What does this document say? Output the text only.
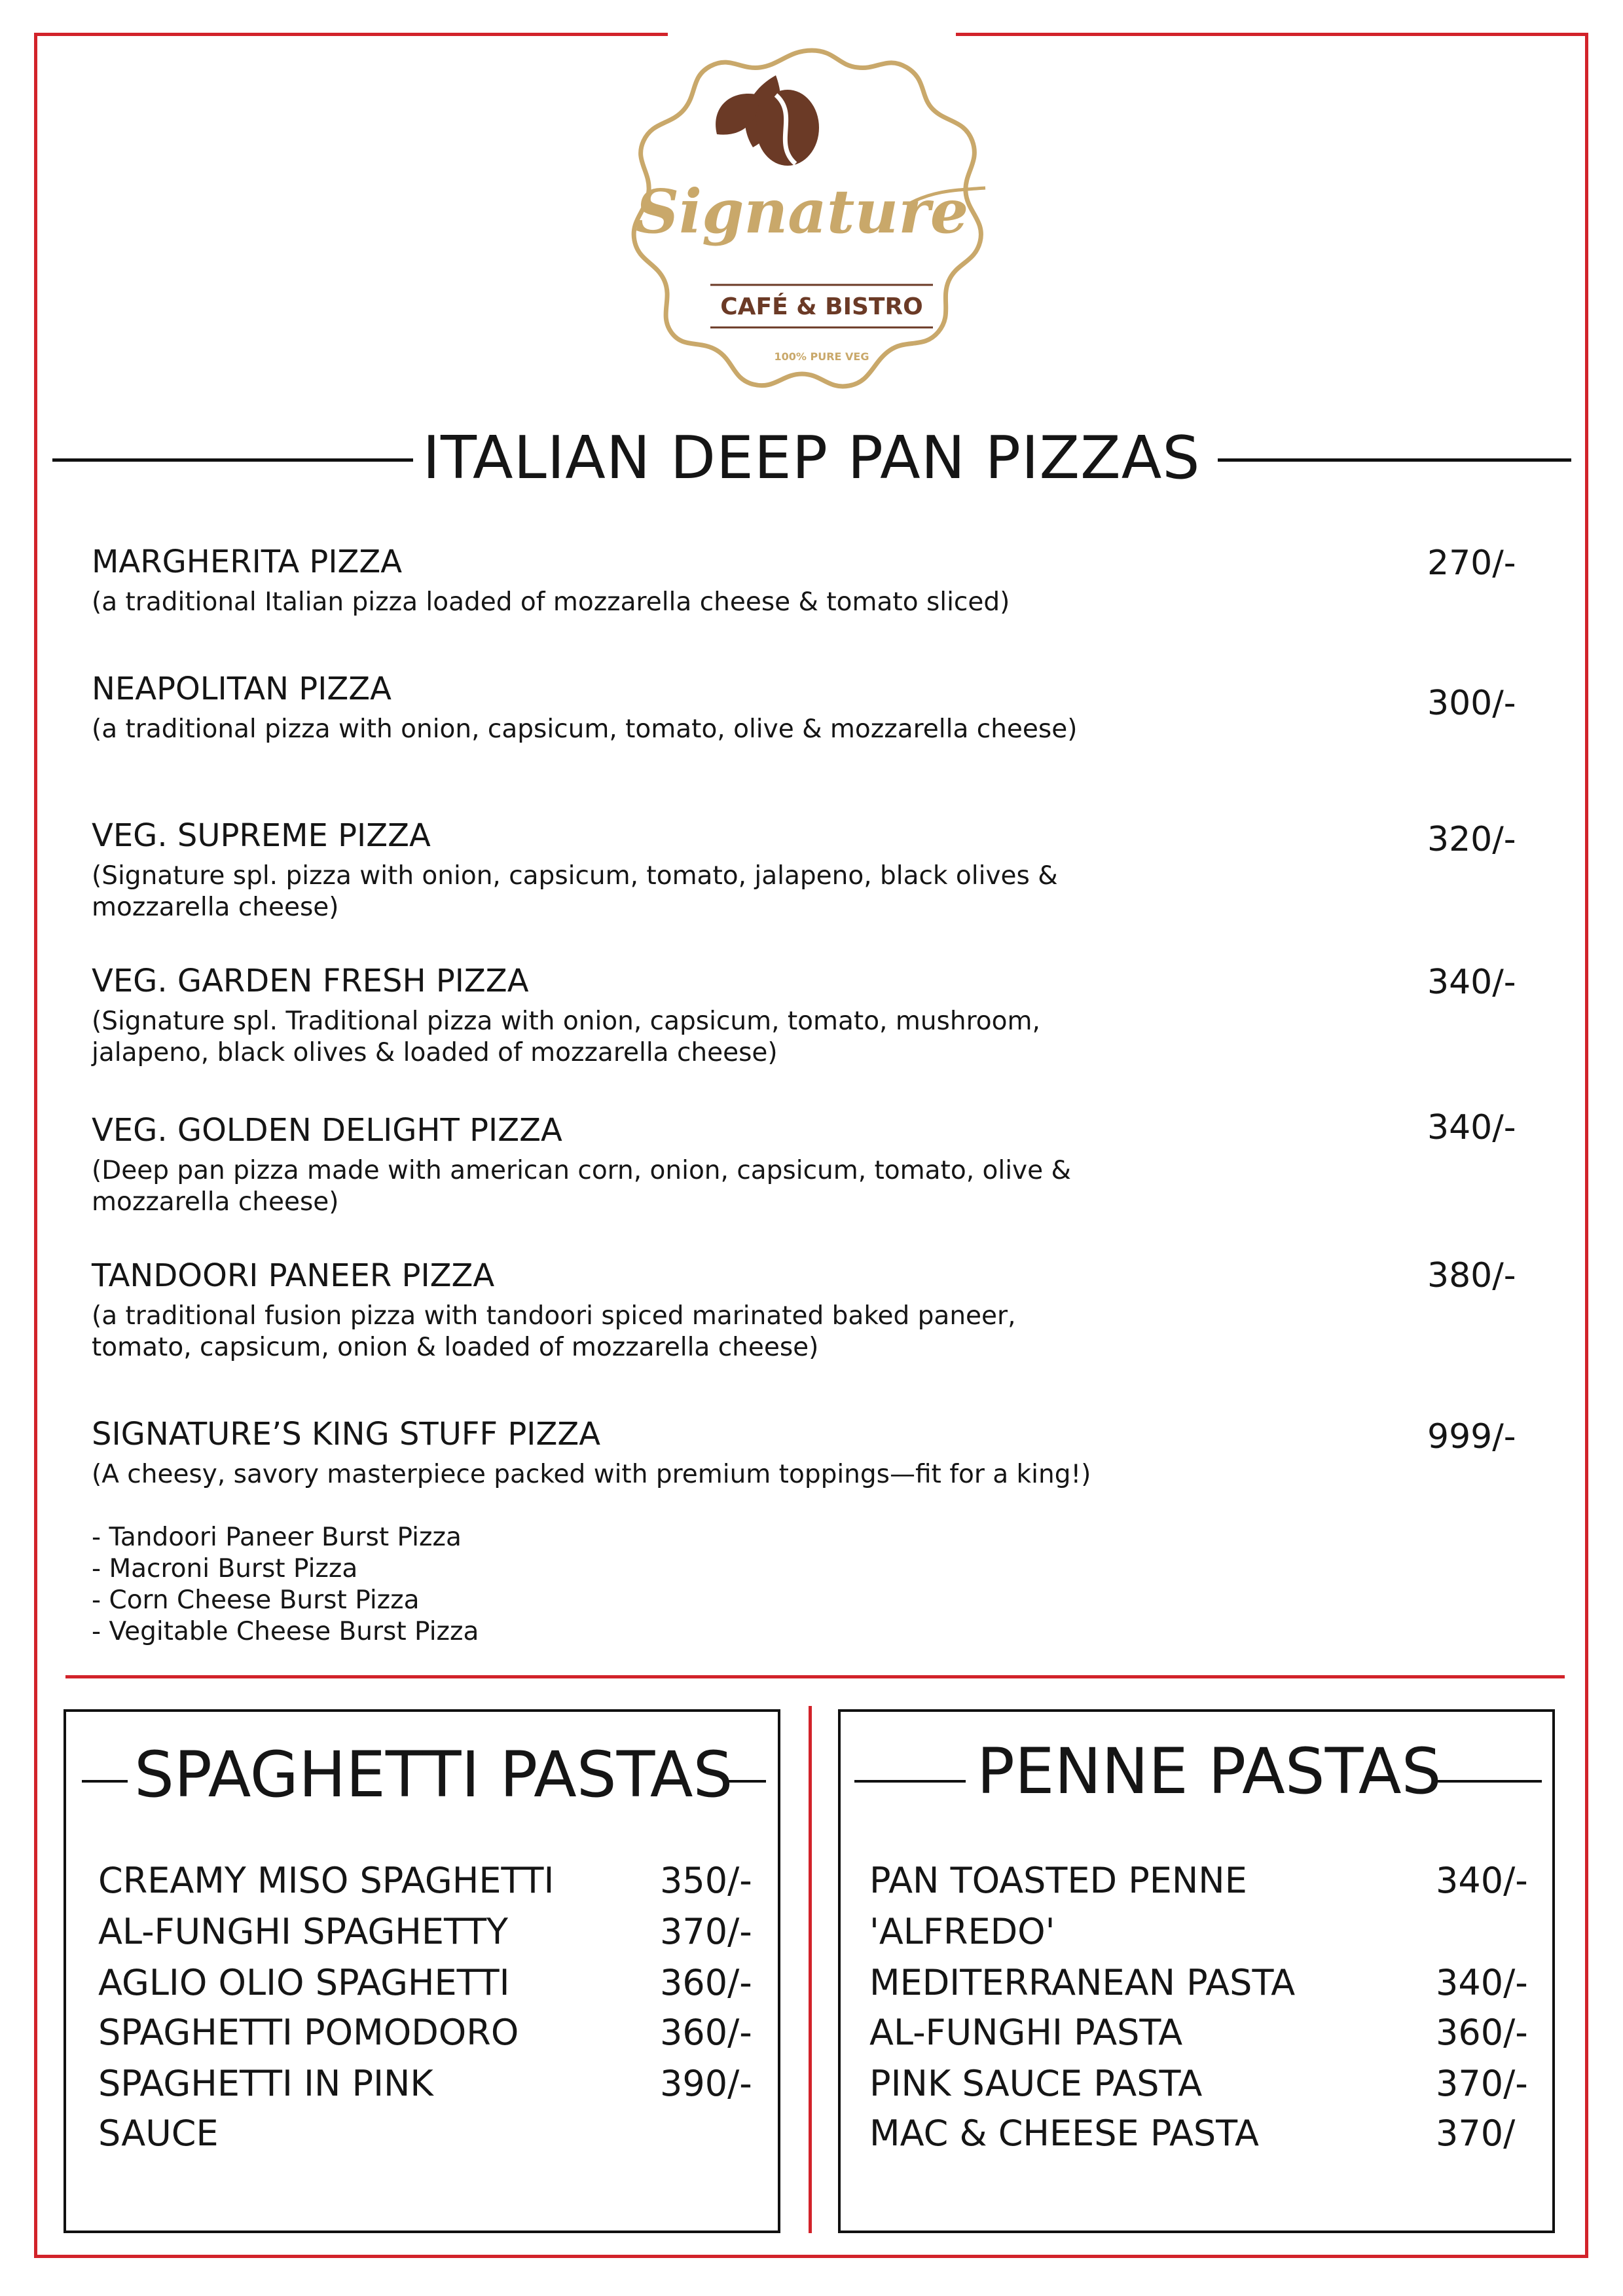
Signature
CAFÉ & BISTRO
100% PURE VEG
ITALIAN DEEP PAN PIZZAS
MARGHERITA PIZZA
(a traditional Italian pizza loaded of mozzarella cheese & tomato sliced)
270/-
NEAPOLITAN PIZZA
(a traditional pizza with onion, capsicum, tomato, olive & mozzarella cheese)
300/-
VEG. SUPREME PIZZA
(Signature spl. pizza with onion, capsicum, tomato, jalapeno, black olives & mozzarella cheese)
320/-
VEG. GARDEN FRESH PIZZA
(Signature spl. Traditional pizza with onion, capsicum, tomato, mushroom, jalapeno, black olives & loaded of mozzarella cheese)
340/-
VEG. GOLDEN DELIGHT PIZZA
(Deep pan pizza made with american corn, onion, capsicum, tomato, olive & mozzarella cheese)
340/-
TANDOORI PANEER PIZZA
(a traditional fusion pizza with tandoori spiced marinated baked paneer, tomato, capsicum, onion & loaded of mozzarella cheese)
380/-
SIGNATURE’S KING STUFF PIZZA
(A cheesy, savory masterpiece packed with premium toppings—fit for a king!)
999/-
- Tandoori Paneer Burst Pizza
- Macroni Burst Pizza
- Corn Cheese Burst Pizza
- Vegitable Cheese Burst Pizza
SPAGHETTI PASTAS
CREAMY MISO SPAGHETTI	350/-
AL-FUNGHI SPAGHETTY	370/-
AGLIO OLIO SPAGHETTI	360/-
SPAGHETTI POMODORO	360/-
SPAGHETTI IN PINK	390/-
SAUCE
PENNE PASTAS
PAN TOASTED PENNE	340/-
'ALFREDO'
MEDITERRANEAN PASTA	340/-
AL-FUNGHI PASTA	360/-
PINK SAUCE PASTA	370/-
MAC & CHEESE PASTA	370/
